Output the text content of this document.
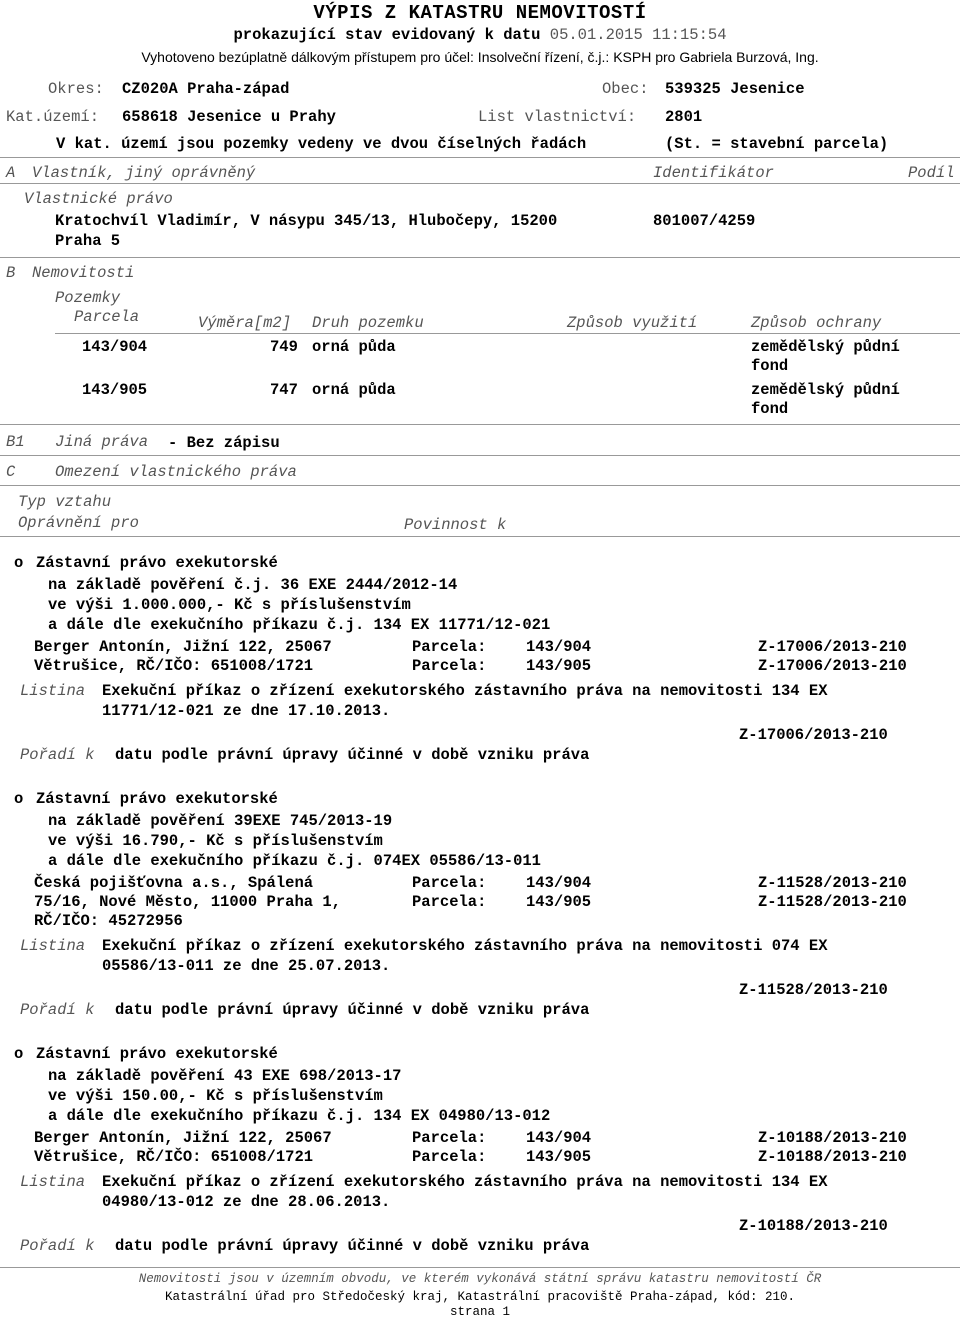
VÝPIS Z KATASTRU NEMOVITOSTÍ
prokazující stav evidovaný k datu 05.01.2015 11:15:54
Vyhotoveno bezúplatně dálkovým přístupem pro účel: Insolveční řízení, č.j.: KSPH pro Gabriela Burzová, Ing.
Okres: CZ020A Praha-západ	Obec: 539325 Jesenice
Kat.území: 658618 Jesenice u Prahy	List vlastnictví: 2801
V kat. území jsou pozemky vedeny ve dvou číselných řadách	(St. = stavební parcela)
A Vlastník, jiný oprávněný	Identifikátor	Podíl
Vlastnické právo
Kratochvíl Vladimír, V násypu 345/13, Hlubočepy, 15200
Praha 5
801007/4259
B Nemovitosti
Pozemky
Parcela	Výměra[m2] Druh pozemku	Způsob využití	Způsob ochrany
143/904	749 orná půda	zemědělský půdní
fond
143/905	747 orná půda	zemědělský půdní
fond
B1 Jiná práva - Bez zápisu
C	Omezení vlastnického práva
Typ vztahu
Oprávnění pro	Povinnost k
o Zástavní právo exekutorské
na základě pověření č.j. 36 EXE 2444/2012-14
ve výši 1.000.000,- Kč s příslušenstvím
a dále dle exekučního příkazu č.j. 134 EX 11771/12-021
Berger Antonín, Jižní 122, 25067
Větrušice, RČ/IČO: 651008/1721
Parcela:	143/904	Z-17006/2013-210
Parcela:	143/905	Z-17006/2013-210
Listina Exekuční příkaz o zřízení exekutorského zástavního práva na nemovitosti 134 EX
11771/12-021 ze dne 17.10.2013.
Z-17006/2013-210
Pořadí k datu podle právní úpravy účinné v době vzniku práva
o Zástavní právo exekutorské
na základě pověření 39EXE 745/2013-19
ve výši 16.790,- Kč s příslušenstvím
a dále dle exekučního příkazu č.j. 074EX 05586/13-011
Česká pojišťovna a.s., Spálená
75/16, Nové Město, 11000 Praha 1,
RČ/IČO: 45272956
Parcela:	143/904	Z-11528/2013-210
Parcela:	143/905	Z-11528/2013-210
Listina Exekuční příkaz o zřízení exekutorského zástavního práva na nemovitosti 074 EX
05586/13-011 ze dne 25.07.2013.
Z-11528/2013-210
Pořadí k datu podle právní úpravy účinné v době vzniku práva
o Zástavní právo exekutorské
na základě pověření 43 EXE 698/2013-17
ve výši 150.00,- Kč s příslušenstvím
a dále dle exekučního příkazu č.j. 134 EX 04980/13-012
Berger Antonín, Jižní 122, 25067
Větrušice, RČ/IČO: 651008/1721
Parcela:	143/904	Z-10188/2013-210
Parcela:	143/905	Z-10188/2013-210
Listina Exekuční příkaz o zřízení exekutorského zástavního práva na nemovitosti 134 EX
04980/13-012 ze dne 28.06.2013.
Z-10188/2013-210
Pořadí k datu podle právní úpravy účinné v době vzniku práva
Nemovitosti jsou v územním obvodu, ve kterém vykonává státní správu katastru nemovitostí ČR
Katastrální úřad pro Středočeský kraj, Katastrální pracoviště Praha-západ, kód: 210.
strana 1
